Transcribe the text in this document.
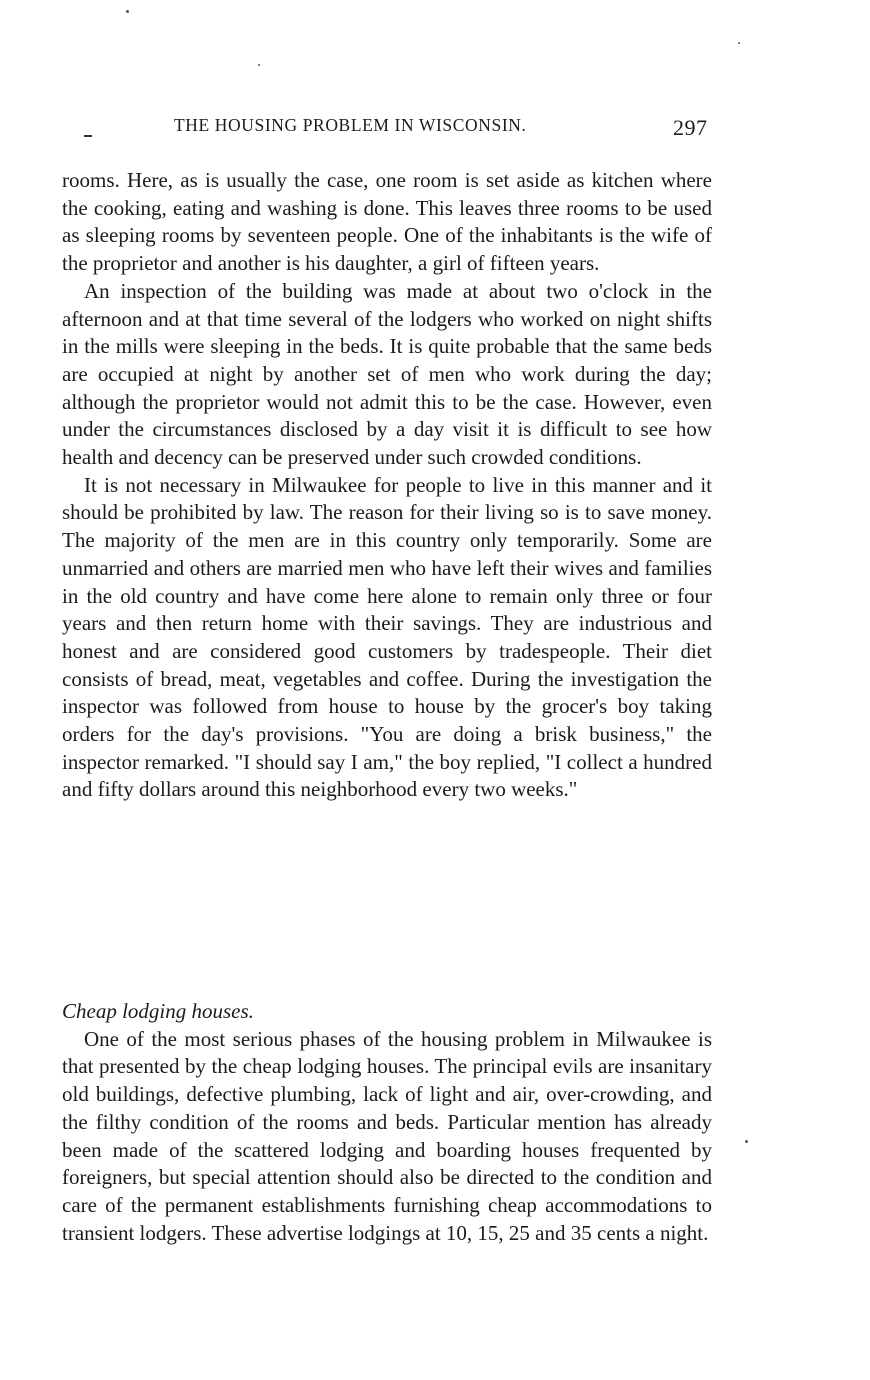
THE HOUSING PROBLEM IN WISCONSIN.	297

rooms. Here, as is usually the case, one room is set aside as kitchen where the cooking, eating and washing is done. This leaves three rooms to be used as sleeping rooms by seventeen people. One of the inhabitants is the wife of the proprietor and another is his daughter, a girl of fifteen years.

An inspection of the building was made at about two o'clock in the afternoon and at that time several of the lodgers who worked on night shifts in the mills were sleeping in the beds. It is quite probable that the same beds are occupied at night by another set of men who work during the day; although the proprietor would not admit this to be the case. However, even under the circumstances disclosed by a day visit it is difficult to see how health and decency can be preserved under such crowded conditions.

It is not necessary in Milwaukee for people to live in this manner and it should be prohibited by law. The reason for their living so is to save money. The majority of the men are in this country only temporarily. Some are unmarried and others are married men who have left their wives and families in the old country and have come here alone to remain only three or four years and then return home with their savings. They are industrious and honest and are considered good customers by tradespeople. Their diet consists of bread, meat, vegetables and coffee. During the investigation the inspector was followed from house to house by the grocer's boy taking orders for the day's provisions. "You are doing a brisk business," the inspector remarked. "I should say I am," the boy replied, "I collect a hundred and fifty dollars around this neighborhood every two weeks."

Cheap lodging houses.

One of the most serious phases of the housing problem in Milwaukee is that presented by the cheap lodging houses. The principal evils are insanitary old buildings, defective plumbing, lack of light and air, over-crowding, and the filthy condition of the rooms and beds. Particular mention has already been made of the scattered lodging and boarding houses frequented by foreigners, but special attention should also be directed to the condition and care of the permanent establishments furnishing cheap accommodations to transient lodgers. These advertise lodgings at 10, 15, 25 and 35 cents a night.
